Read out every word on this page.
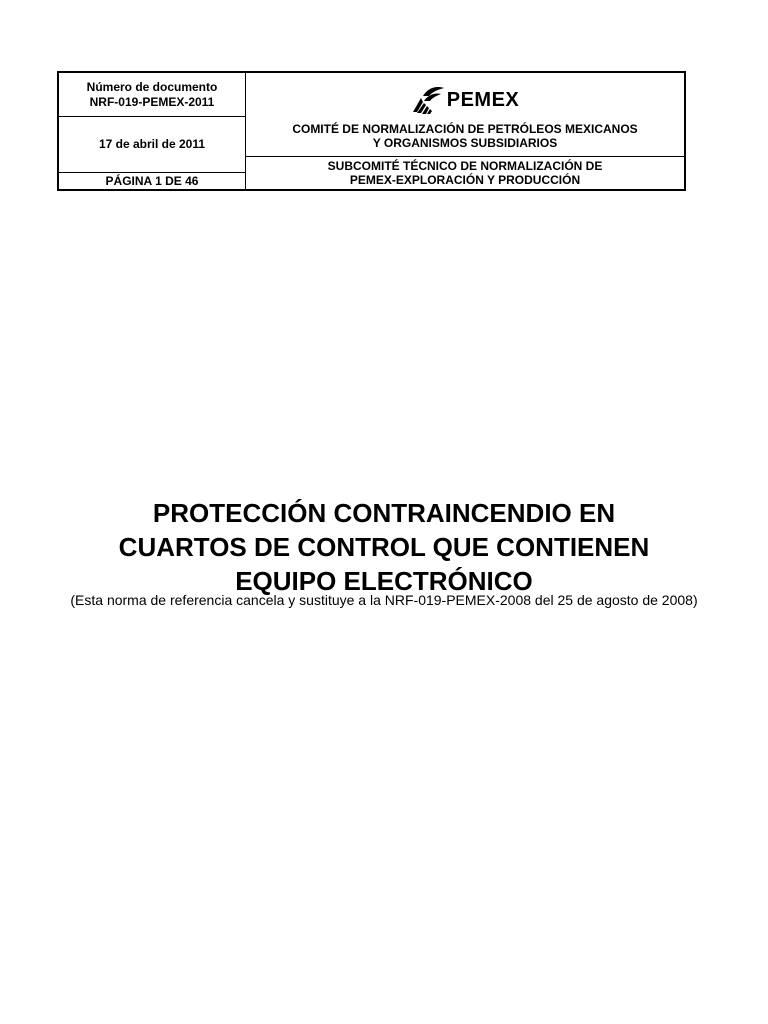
Número de documento
NRF-019-PEMEX-2011
17 de abril de 2011
PÁGINA 1 DE 46
PEMEX
COMITÉ DE NORMALIZACIÓN DE PETRÓLEOS MEXICANOS
Y ORGANISMOS SUBSIDIARIOS
SUBCOMITÉ TÉCNICO DE NORMALIZACIÓN DE
PEMEX-EXPLORACIÓN Y PRODUCCIÓN
PROTECCIÓN CONTRAINCENDIO EN
CUARTOS DE CONTROL QUE CONTIENEN
EQUIPO ELECTRÓNICO
(Esta norma de referencia cancela y sustituye a la NRF-019-PEMEX-2008 del 25 de agosto de 2008)
